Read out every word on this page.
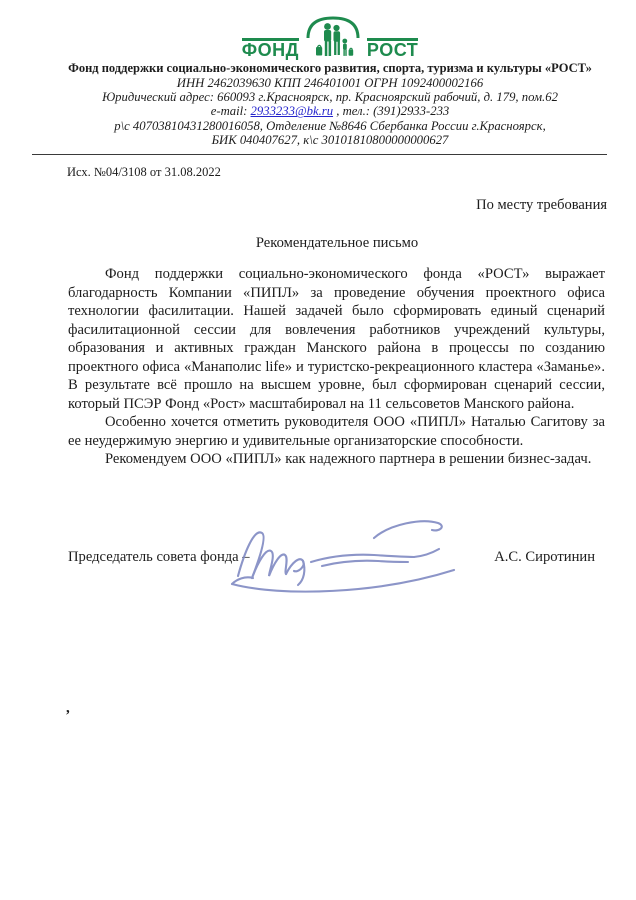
ФОНД	РОСТ
Фонд поддержки социально-экономического развития, спорта, туризма и культуры «РОСТ»
ИНН 2462039630 КПП 246401001 ОГРН 1092400002166
Юридический адрес: 660093 г.Красноярск, пр. Красноярский рабочий, д. 179, пом.62
e-mail: 2933233@bk.ru , тел.: (391)2933-233
р\с 40703810431280016058, Отделение №8646 Сбербанка России г.Красноярск,
БИК 040407627, к\с 30101810800000000627
Исх. №04/3108 от 31.08.2022
По месту требования
Рекомендательное письмо

Фонд поддержки социально-экономического фонда «РОСТ» выражает благодарность Компании «ПИПЛ» за проведение обучения проектного офиса технологии фасилитации. Нашей задачей было сформировать единый сценарий фасилитационной сессии для вовлечения работников учреждений культуры, образования и активных граждан Манского района в процессы по созданию проектного офиса «Манаполис life» и туристско-рекреационного кластера «Заманье». В результате всё прошло на высшем уровне, был сформирован сценарий сессии, который ПСЭР Фонд «Рост» масштабировал на 11 сельсоветов Манского района.

Особенно хочется отметить руководителя ООО «ПИПЛ» Наталью Сагитову за ее неудержимую энергию и удивительные организаторские способности.

Рекомендуем ООО «ПИПЛ» как надежного партнера в решении бизнес-задач.

Председатель совета фонда –	А.С. Сиротинин
,
